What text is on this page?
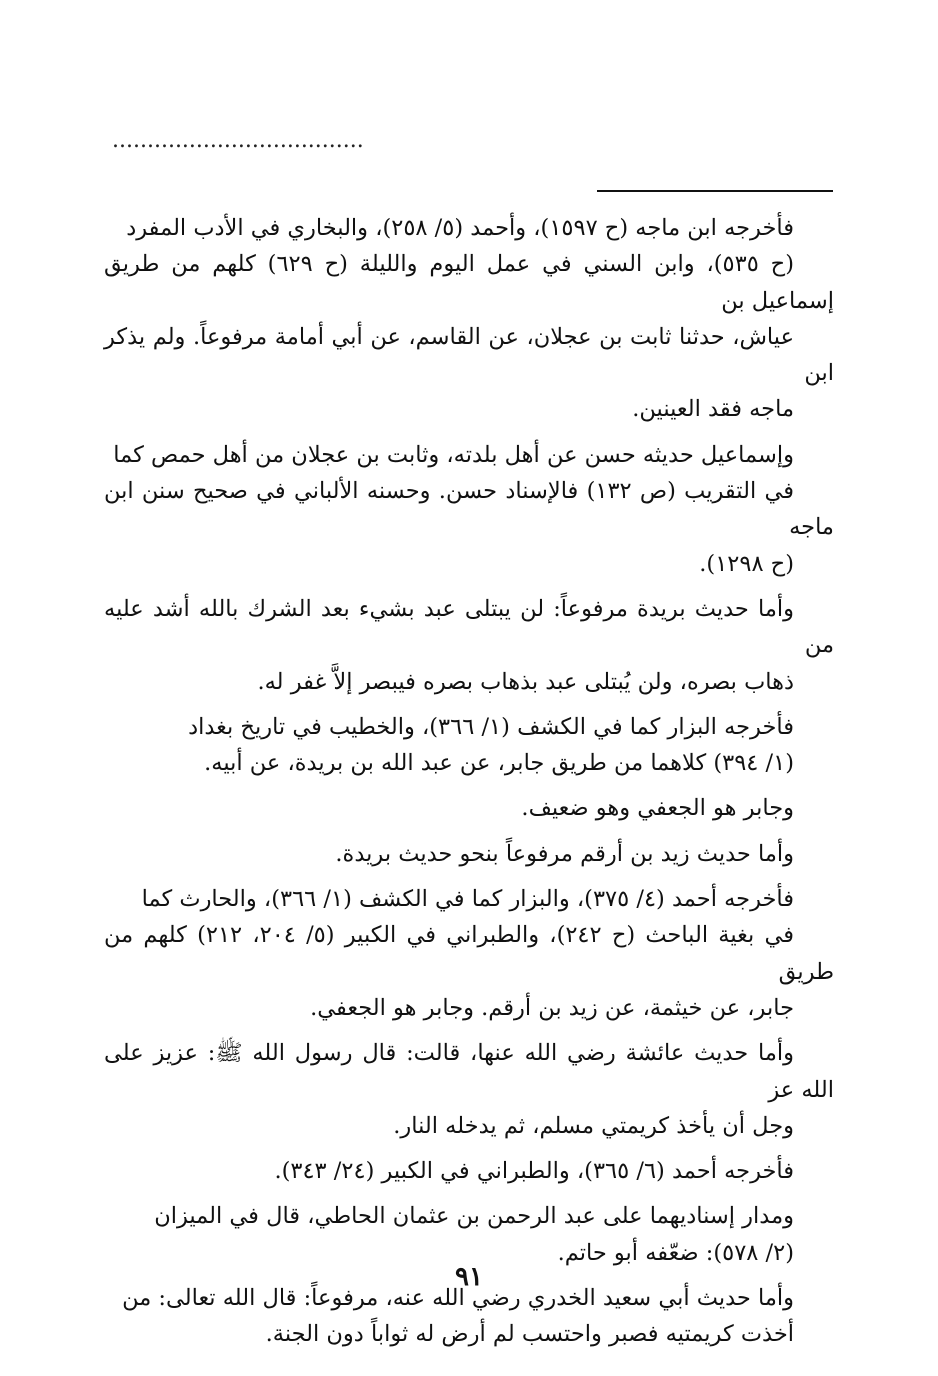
....................................

فأخرجه ابن ماجه (ح ١٥٩٧)، وأحمد (٥/ ٢٥٨)، والبخاري في الأدب المفرد
(ح ٥٣٥)، وابن السني في عمل اليوم والليلة (ح ٦٢٩) كلهم من طريق إسماعيل بن
عياش، حدثنا ثابت بن عجلان، عن القاسم، عن أبي أمامة مرفوعاً. ولم يذكر ابن
ماجه فقد العينين.

وإسماعيل حديثه حسن عن أهل بلدته، وثابت بن عجلان من أهل حمص كما
في التقريب (ص ١٣٢) فالإسناد حسن. وحسنه الألباني في صحيح سنن ابن ماجه
(ح ١٢٩٨).

وأما حديث بريدة مرفوعاً: لن يبتلى عبد بشيء بعد الشرك بالله أشد عليه من
ذهاب بصره، ولن يُبتلى عبد بذهاب بصره فيبصر إلاَّ غفر له.

فأخرجه البزار كما في الكشف (١/ ٣٦٦)، والخطيب في تاريخ بغداد
(١/ ٣٩٤) كلاهما من طريق جابر، عن عبد الله بن بريدة، عن أبيه.

وجابر هو الجعفي وهو ضعيف.

وأما حديث زيد بن أرقم مرفوعاً بنحو حديث بريدة.

فأخرجه أحمد (٤/ ٣٧٥)، والبزار كما في الكشف (١/ ٣٦٦)، والحارث كما
في بغية الباحث (ح ٢٤٢)، والطبراني في الكبير (٥/ ٢٠٤، ٢١٢) كلهم من طريق
جابر، عن خيثمة، عن زيد بن أرقم. وجابر هو الجعفي.

وأما حديث عائشة رضي الله عنها، قالت: قال رسول الله ﷺ: عزيز على الله عز
وجل أن يأخذ كريمتي مسلم، ثم يدخله النار.

فأخرجه أحمد (٦/ ٣٦٥)، والطبراني في الكبير (٢٤/ ٣٤٣).

ومدار إسناديهما على عبد الرحمن بن عثمان الحاطي، قال في الميزان
(٢/ ٥٧٨): ضعّفه أبو حاتم.

وأما حديث أبي سعيد الخدري رضي الله عنه، مرفوعاً: قال الله تعالى: من
أخذت كريمتيه فصبر واحتسب لم أرض له ثواباً دون الجنة.

٩١
